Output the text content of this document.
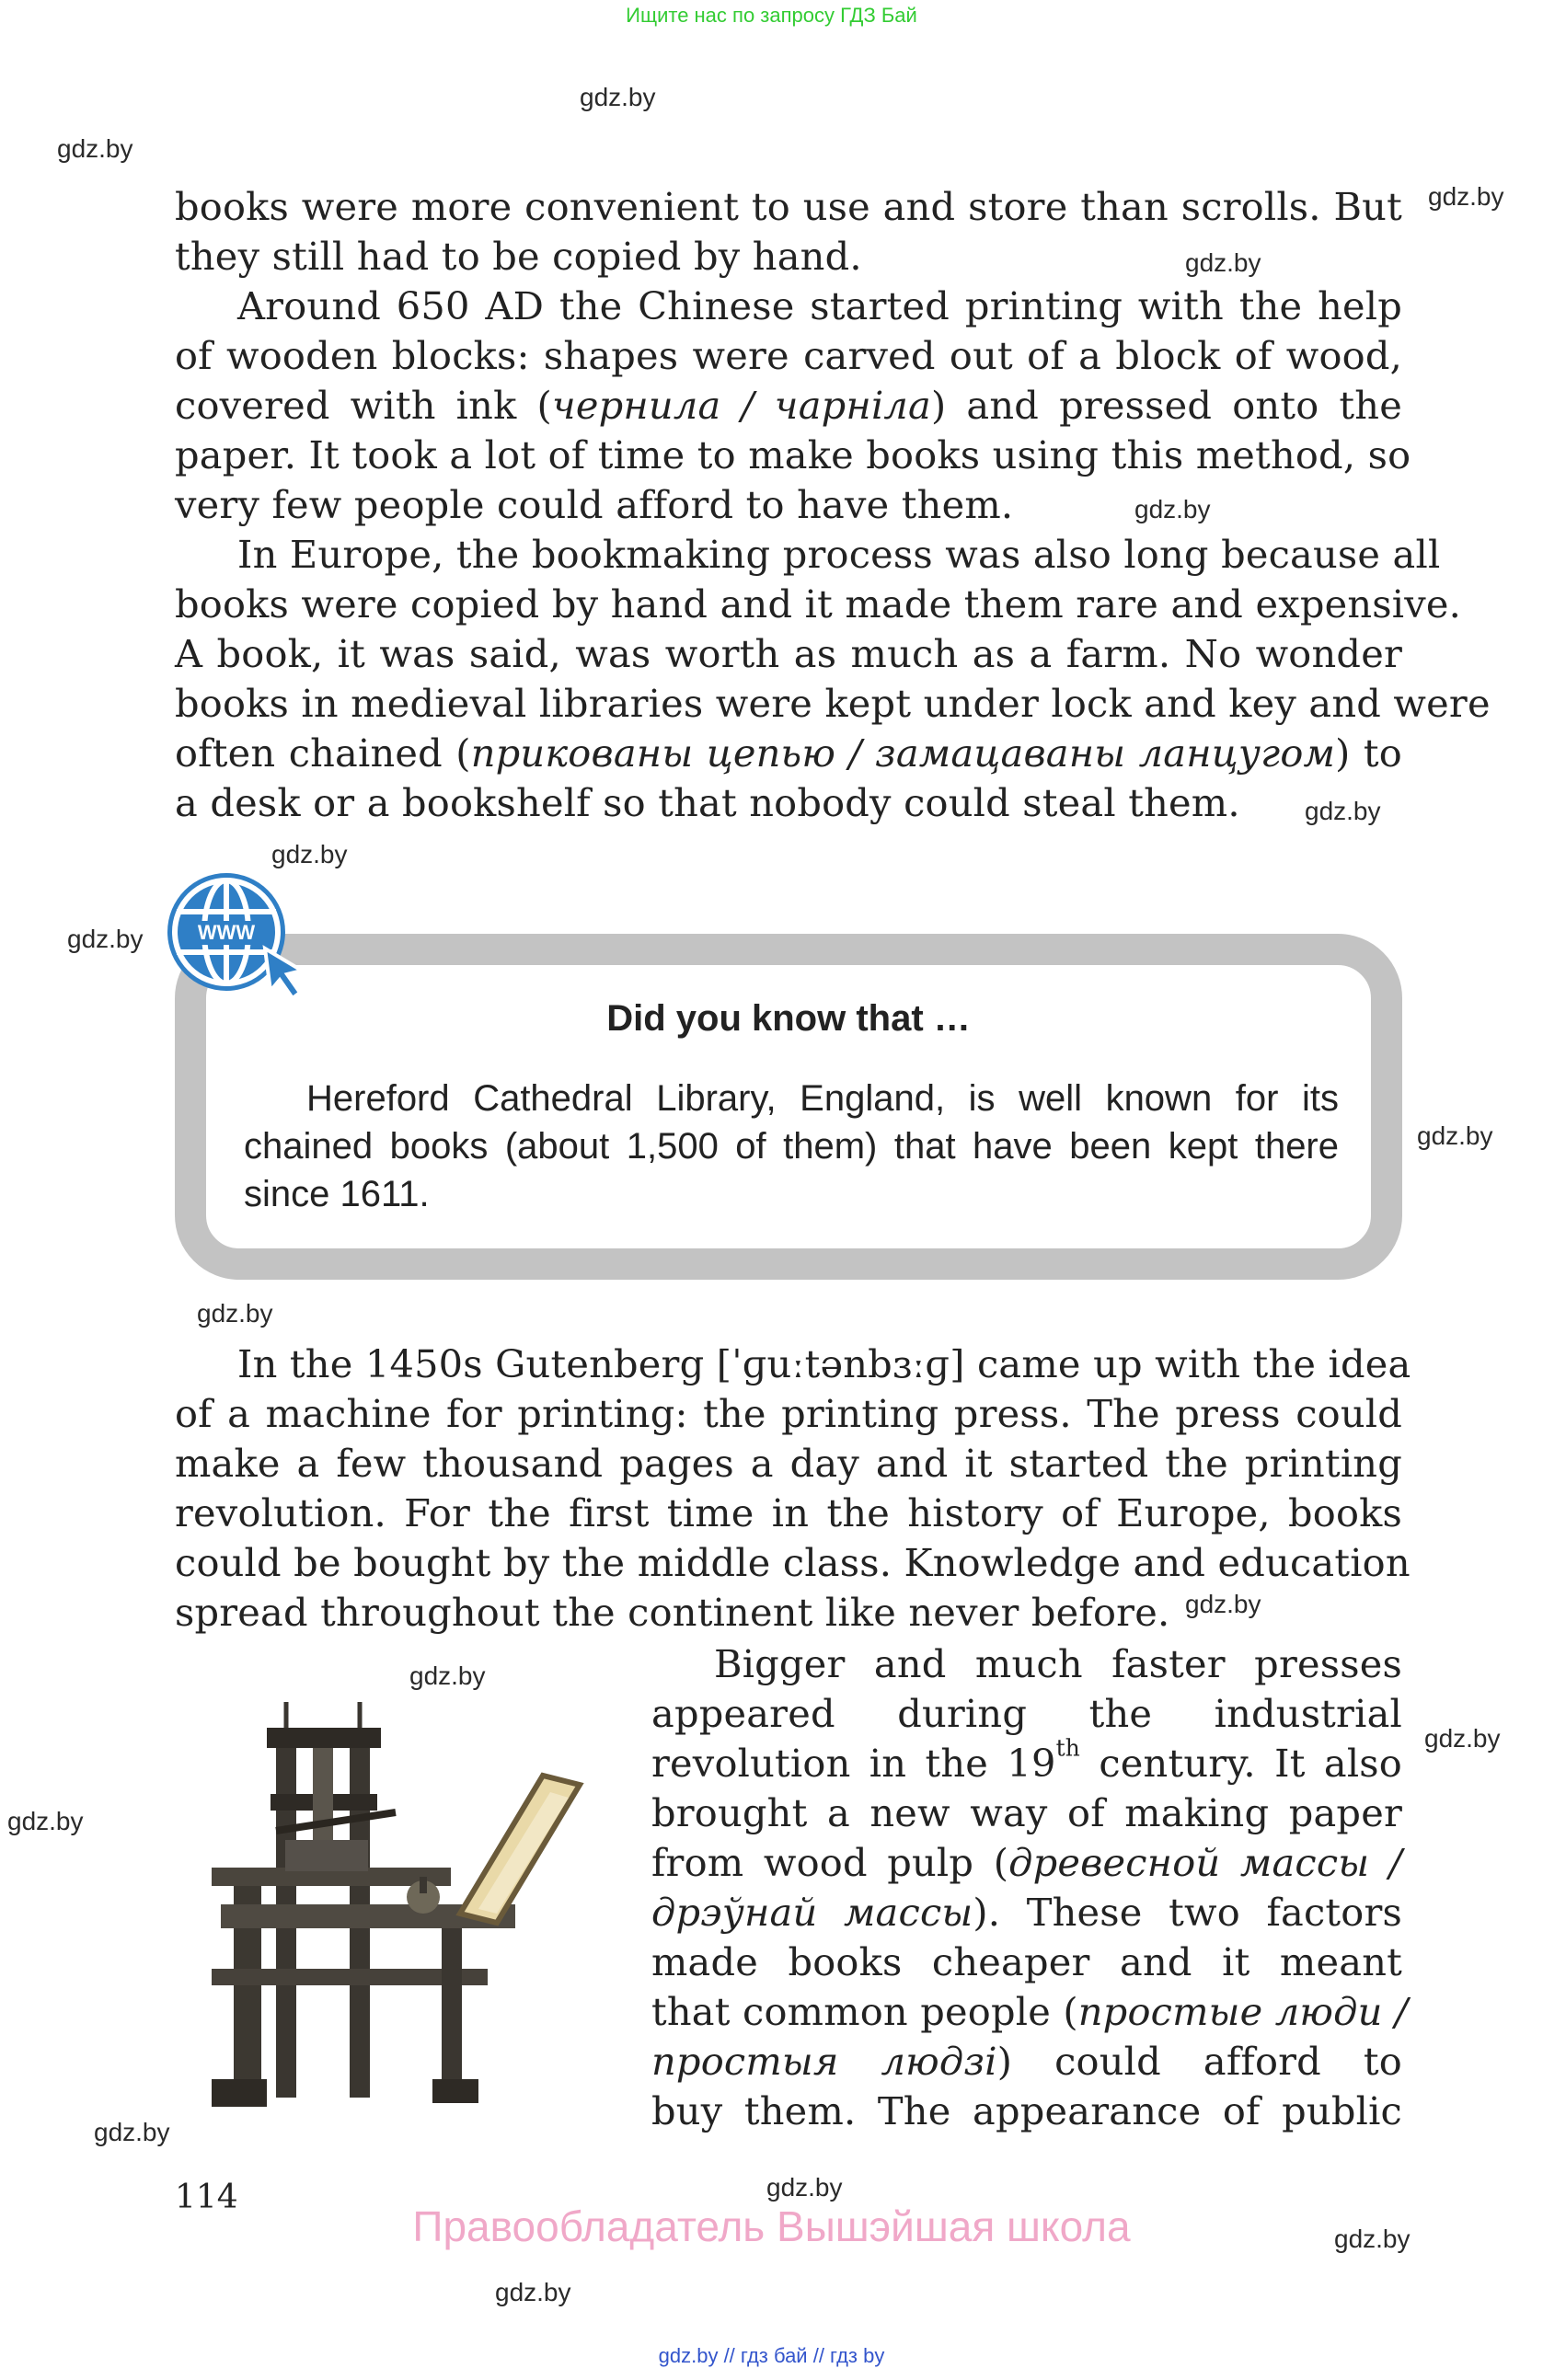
Ищите нас по запросу ГДЗ Бай
gdz.by
gdz.by
gdz.by
gdz.by
gdz.by
gdz.by
gdz.by
gdz.by
gdz.by
gdz.by
gdz.by
gdz.by
gdz.by
gdz.by
gdz.by
gdz.by
gdz.by
gdz.by
books were more convenient to use and store than scrolls. But
they still had to be copied by hand.
Around 650 AD the Chinese started printing with the help
of wooden blocks: shapes were carved out of a block of wood,
covered with ink (чернила / чарніла) and pressed onto the
paper. It took a lot of time to make books using this method, so
very few people could afford to have them.
In Europe, the bookmaking process was also long because all
books were copied by hand and it made them rare and expensive.
A book, it was said, was worth as much as a farm. No wonder
books in medieval libraries were kept under lock and key and were
often chained (прикованы цепью / замацаваны ланцугом) to
a desk or a bookshelf so that nobody could steal them.
WWW
Did you know that …
Hereford Cathedral Library, England, is well known for its
chained books (about 1,500 of them) that have been kept there
since 1611.
In the 1450s Gutenberg [ˈɡuːtənbɜːɡ] came up with the idea
of a machine for printing: the printing press. The press could
make a few thousand pages a day and it started the printing
revolution. For the first time in the history of Europe, books
could be bought by the middle class. Knowledge and education
spread throughout the continent like never before.
Bigger and much faster presses
appeared during the industrial
revolution in the 19th century. It also
brought a new way of making paper
from wood pulp (древесной массы /
дрэўнай массы). These two factors
made books cheaper and it meant
that common people (простые люди /
простыя людзі) could afford to
buy them. The appearance of public
114
Правообладатель Вышэйшая школа
gdz.by // гдз бай // гдз by
